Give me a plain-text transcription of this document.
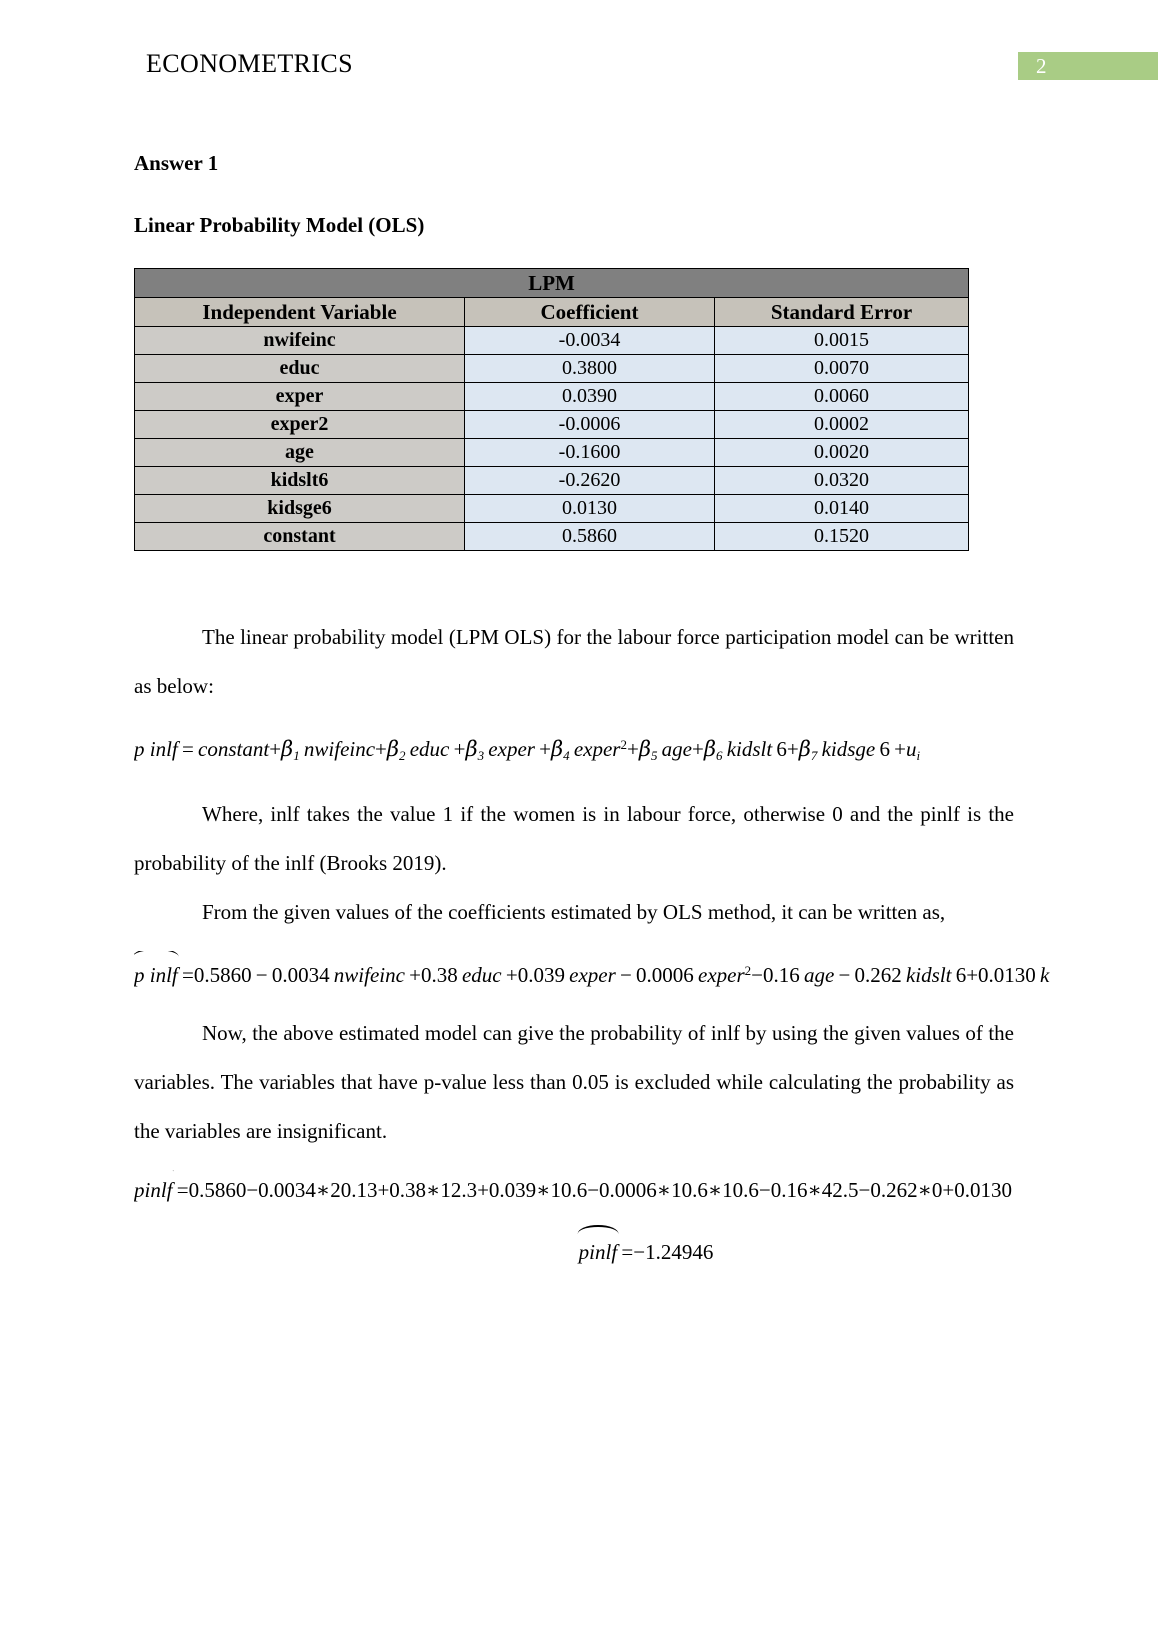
ECONOMETRICS	2
Answer 1
Linear Probability Model (OLS)
LPM		
Independent Variable	Coefficient	Standard Error
nwifeinc	-0.0034	0.0015
educ	0.3800	0.0070
exper	0.0390	0.0060
exper2	-0.0006	0.0002
age	-0.1600	0.0020
kidslt6	-0.2620	0.0320
kidsge6	0.0130	0.0140
constant	0.5860	0.1520

The linear probability model (LPM OLS) for the labour force participation model can be written as below:

p inlf = $constant+\beta_1$ $nwifeinc+\beta_2$ educ $+\beta_3$ exper $+\beta_4$ $exper^2+\beta_5$ $age+\beta_6$ kidslt $6+\beta_7$ kidsge $6 +u_i$

Where, inlf takes the value 1 if the women is in labour force, otherwise 0 and the pinlf is the probability of the inlf (Brooks 2019).

From the given values of the coefficients estimated by OLS method, it can be written as,

p inlf =0.5860 − 0.0034 nwifeinc +0.38 educ +0.039 exper − 0.0006 exper$^2$−0.16 age − 0.262 kidslt 6+0.0130 k

Now, the above estimated model can give the probability of inlf by using the given values of the variables. The variables that have p-value less than 0.05 is excluded while calculating the probability as the variables are insignificant.

pinlf =0.5860−0.0034∗20.13+0.38∗12.3+0.039∗10.6−0.0006∗10.6∗10.6−0.16∗42.5−0.262∗0+0.0130
pinlf =−1.24946
